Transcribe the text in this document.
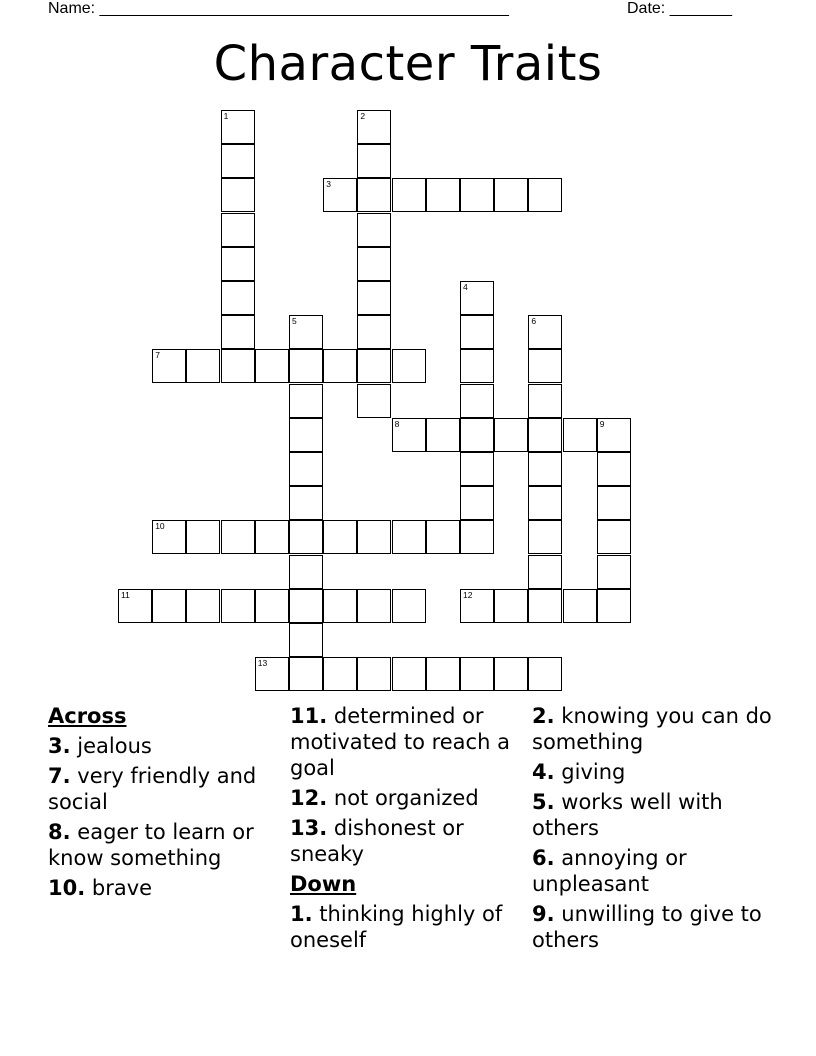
Name: ______________________________________________	Date: _______
Character Traits
1	2
3
4
5	6
7
8	9
10
11	12
13
Across
3. jealous
7. very friendly and social
8. eager to learn or know something
10. brave
11. determined or motivated to reach a goal
12. not organized
13. dishonest or sneaky
Down
1. thinking highly of oneself
2. knowing you can do something
4. giving
5. works well with others
6. annoying or unpleasant
9. unwilling to give to others
